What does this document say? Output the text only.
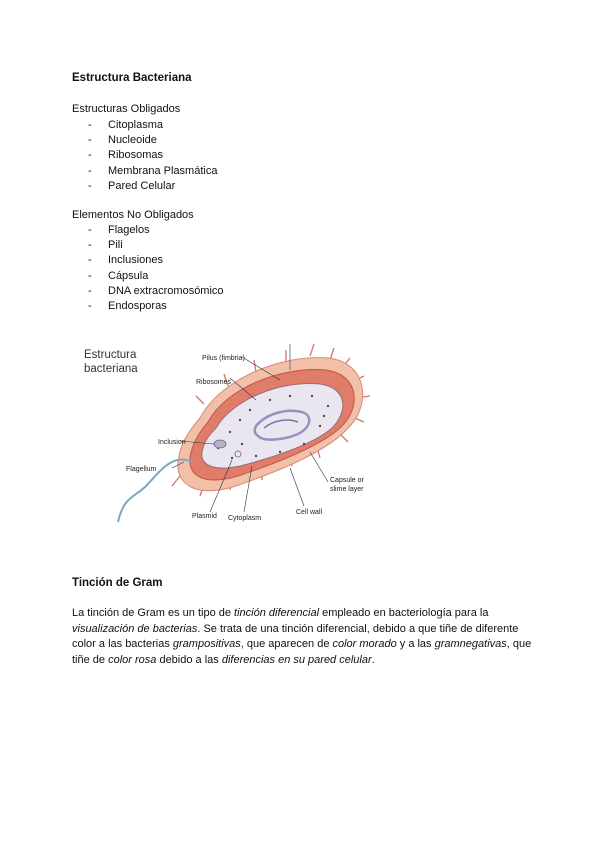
Estructura Bacteriana
Estructuras Obligados
- Citoplasma
- Nucleoide
- Ribosomas
- Membrana Plasmática
- Pared Celular
Elementos No Obligados
- Flagelos
- Pili
- Inclusiones
- Cápsula
- DNA extracromosómico
- Endosporas
Estructura
bacteriana
Pilus (fimbria)
Ribosomes
Inclusion
Flagellum
Plasmid Cytoplasm
Cell wall
Capsule or
slime layer
Tinción de Gram
La tinción de Gram es un tipo de tinción diferencial empleado en bacteriología para la visualización de bacterias. Se trata de una tinción diferencial, debido a que tiñe de diferente color a las bacterias grampositivas, que aparecen de color morado y a las gramnegativas, que tiñe de color rosa debido a las diferencias en su pared celular.
